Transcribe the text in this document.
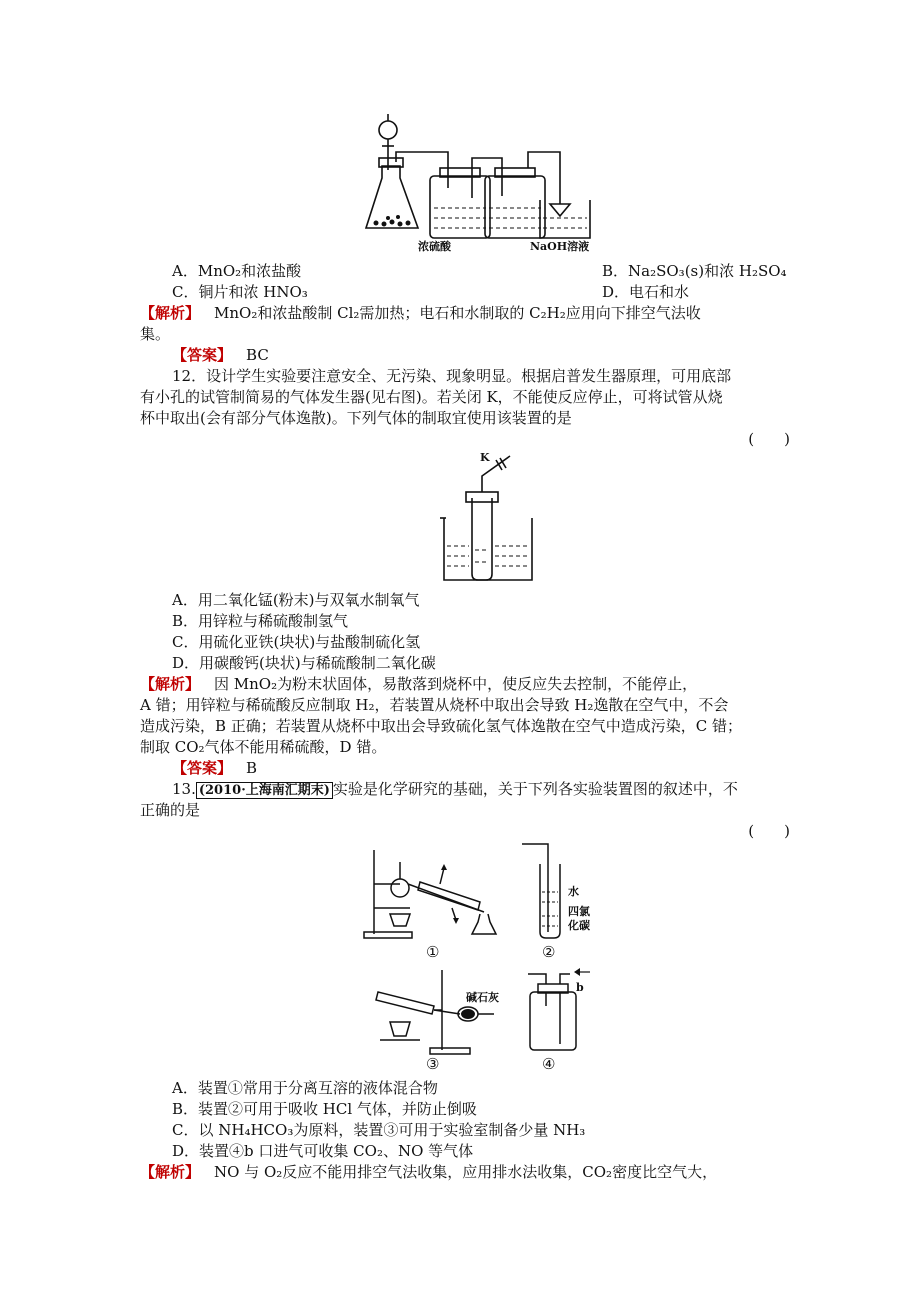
浓硫酸	NaOH溶液
A．MnO₂和浓盐酸	B．Na₂SO₃(s)和浓 H₂SO₄
C．铜片和浓 HNO₃	D．电石和水
【解析】 MnO₂和浓盐酸制 Cl₂需加热；电石和水制取的 C₂H₂应用向下排空气法收
集。
【答案】 BC
12．设计学生实验要注意安全、无污染、现象明显。根据启普发生器原理，可用底部
有小孔的试管制简易的气体发生器(见右图)。若关闭 K，不能使反应停止，可将试管从烧
杯中取出(会有部分气体逸散)。下列气体的制取宜使用该装置的是
(　　)
K
A．用二氧化锰(粉末)与双氧水制氧气
B．用锌粒与稀硫酸制氢气
C．用硫化亚铁(块状)与盐酸制硫化氢
D．用碳酸钙(块状)与稀硫酸制二氧化碳
【解析】 因 MnO₂为粉末状固体，易散落到烧杯中，使反应失去控制，不能停止，
A 错；用锌粒与稀硫酸反应制取 H₂，若装置从烧杯中取出会导致 H₂逸散在空气中，不会
造成污染，B 正确；若装置从烧杯中取出会导致硫化氢气体逸散在空气中造成污染，C 错；
制取 CO₂气体不能用稀硫酸，D 错。
【答案】 B
13. (2010·上海南汇期末) 实验是化学研究的基础，关于下列各实验装置图的叙述中，不
正确的是
(　　)
水
四氯
化碳
①	②
碱石灰
b
③	④
A．装置①常用于分离互溶的液体混合物
B．装置②可用于吸收 HCl 气体，并防止倒吸
C．以 NH₄HCO₃为原料，装置③可用于实验室制备少量 NH₃
D．装置④b 口进气可收集 CO₂、NO 等气体
【解析】 NO 与 O₂反应不能用排空气法收集，应用排水法收集，CO₂密度比空气大，
